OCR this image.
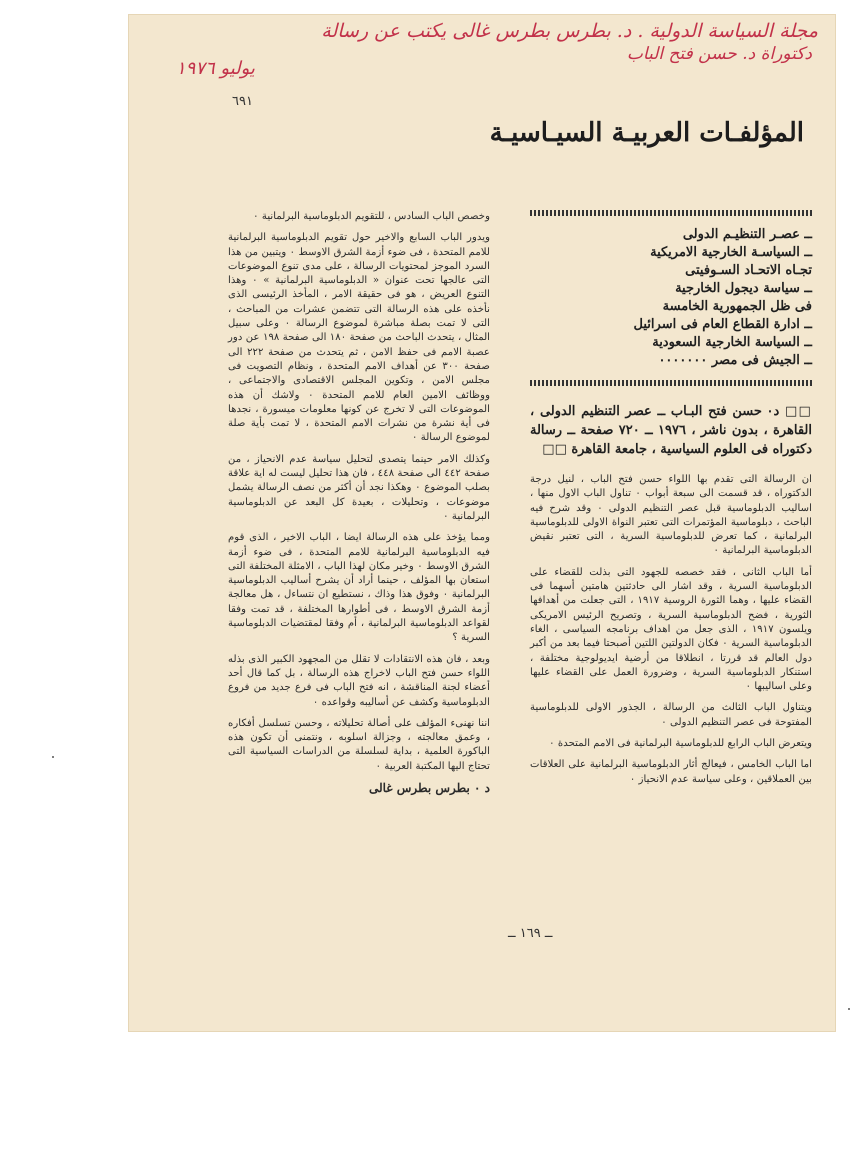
مجلة السياسة الدولية . د. بطرس بطرس غالى يكتب عن رسالة
دكتوراة د. حسن فتح الباب
يوليو ١٩٧٦
٦٩١
المؤلفـات العربيـة السيـاسيـة
ــ عصـر التنظيـم الدولى
ــ السياسـة الخارجية الامريكية
تجـاه الاتحـاد السـوفيتى
ــ سياسة ديجول الخارجية
فى ظل الجمهورية الخامسة
ــ ادارة القطاع العام فى اسرائيل
ــ السياسة الخارجية السعودية
ــ الجيش فى مصر ٠٠٠٠٠٠٠
□□ د٠ حسن فتح البـاب ــ عصر التنظيم الدولى ، القاهرة ، بدون ناشر ، ١٩٧٦ ــ ٧٢٠ صفحة ــ رسالة دكتوراه فى العلوم السياسية ، جامعة القاهرة □□

ان الرسالة التى تقدم بها اللواء حسن فتح الباب ، لنيل درجة الدكتوراه ، قد قسمت الى سبعة أبواب ٠ تناول الباب الاول منها ، اساليب الدبلوماسية قبل عصر التنظيم الدولى ٠ وقد شرح فيه الباحث ، دبلوماسية المؤتمرات التى تعتبر النواة الاولى للدبلوماسية البرلمانية ، كما تعرض للدبلوماسية السرية ، التى تعتبر نقيض الدبلوماسية البرلمانية ٠

أما الباب الثانى ، فقد خصصه للجهود التى بذلت للقضاء على الدبلوماسية السرية ، وقد اشار الى حادثتين هامتين أسهما فى القضاء عليها ، وهما الثورة الروسية ١٩١٧ ، التى جعلت من أهدافها الثورية ، فضح الدبلوماسية السرية ، وتصريح الرئيس الامريكى ويلسون ١٩١٧ ، الذى جعل من اهداف برنامجه السياسى ، الغاء الدبلوماسية السرية ٠ فكان الدولتين اللتين أصبحتا فيما بعد من أكبر دول العالم قد قررتا ، انطلاقا من أرضية ايديولوجية مختلفة ، استنكار الدبلوماسية السرية ، وضرورة العمل على القضاء عليها وعلى اساليبها ٠

ويتناول الباب الثالث من الرسالة ، الجذور الاولى للدبلوماسية المفتوحة فى عصر التنظيم الدولى ٠

ويتعرض الباب الرابع للدبلوماسية البرلمانية فى الامم المتحدة ٠

اما الباب الخامس ، فيعالج أثار الدبلوماسية البرلمانية على العلاقات بين العملاقين ، وعلى سياسة عدم الانحياز ٠

وخصص الباب السادس ، للتقويم الدبلوماسية البرلمانية ٠

ويدور الباب السابع والاخير حول تقويم الدبلوماسية البرلمانية للامم المتحدة ، فى ضوء أزمة الشرق الاوسط ٠ ويتبين من هذا السرد الموجز لمحتويات الرسالة ، على مدى تنوع الموضوعات التى عالجها تحت عنوان « الدبلوماسية البرلمانية » ٠ وهذا التنوع العريض ، هو فى حقيقة الامر ، المأخذ الرئيسى الذى نأخذه على هذه الرسالة التى تتضمن عشرات من المباحث ، التى لا تمت بصلة مباشرة لموضوع الرسالة ٠ وعلى سبيل المثال ، يتحدث الباحث من صفحة ١٨٠ الى صفحة ١٩٨ عن دور عصبة الامم فى حفظ الامن ، ثم يتحدث من صفحة ٢٢٢ الى صفحة ٣٠٠ عن أهداف الامم المتحدة ، ونظام التصويت فى مجلس الامن ، وتكوين المجلس الاقتصادى والاجتماعى ، ووظائف الامين العام للامم المتحدة ٠ ولاشك أن هذه الموضوعات التى لا تخرج عن كونها معلومات ميسورة ، نجدها فى أية نشرة من نشرات الامم المتحدة ، لا تمت بأية صلة لموضوع الرسالة ٠

وكذلك الامر حينما يتصدى لتحليل سياسة عدم الانحياز ، من صفحة ٤٤٢ الى صفحة ٤٤٨ ، فان هذا تحليل ليست له اية علاقة بصلب الموضوع ٠ وهكذا نجد أن أكثر من نصف الرسالة يشمل موضوعات ، وتحليلات ، بعيدة كل البعد عن الدبلوماسية البرلمانية ٠

ومما يؤخذ على هذه الرسالة ايضا ، الباب الاخير ، الذى قوم فيه الدبلوماسية البرلمانية للامم المتحدة ، فى ضوء أزمة الشرق الاوسط ٠ وخير مكان لهذا الباب ، الامثلة المختلفة التى استعان بها المؤلف ، حينما أراد أن يشرح أساليب الدبلوماسية البرلمانية ٠ وفوق هذا وذاك ، نستطيع ان نتساءل ، هل معالجة أزمة الشرق الاوسط ، فى أطوارها المختلفة ، قد تمت وفقا لقواعد الدبلوماسية البرلمانية ، أم وفقا لمقتضيات الدبلوماسية السرية ؟

وبعد ، فان هذه الانتقادات لا تقلل من المجهود الكبير الذى بذله اللواء حسن فتح الباب لاخراج هذه الرسالة ، بل كما قال أحد أعضاء لجنة المناقشة ، انه فتح الباب فى فرع جديد من فروع الدبلوماسية وكشف عن أساليبه وقواعده ٠

اننا نهنىء المؤلف على أصالة تحليلاته ، وحسن تسلسل أفكاره ، وعمق معالجته ، وجزالة اسلوبه ، ونتمنى أن تكون هذه الباكورة العلمية ، بداية لسلسلة من الدراسات السياسية التى تحتاج اليها المكتبة العربية ٠

د ٠ بطرس بطرس غالى
ــ ١٦٩ ــ
